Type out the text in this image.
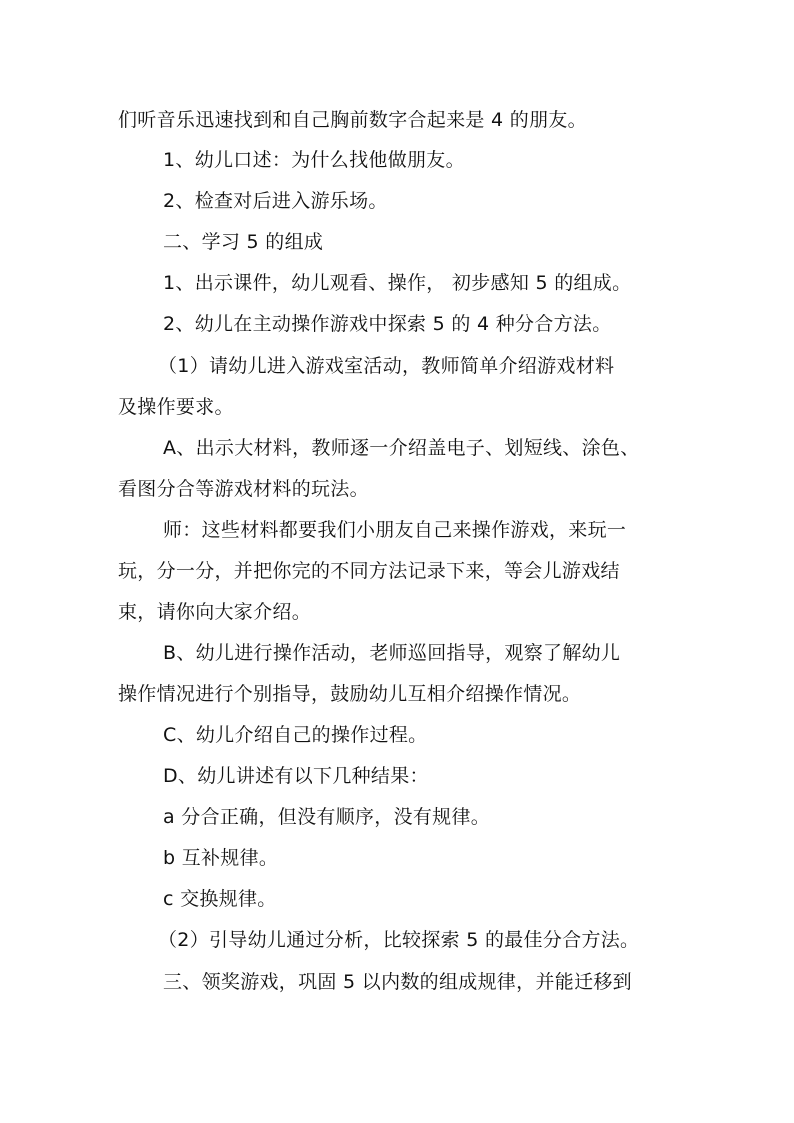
们听音乐迅速找到和自己胸前数字合起来是 4 的朋友。
1、幼儿口述：为什么找他做朋友。
2、检查对后进入游乐场。
二、学习 5 的组成
1、出示课件，幼儿观看、操作， 初步感知 5 的组成。
2、幼儿在主动操作游戏中探索 5 的 4 种分合方法。
（1）请幼儿进入游戏室活动，教师简单介绍游戏材料
及操作要求。
A、出示大材料，教师逐一介绍盖电子、划短线、涂色、
看图分合等游戏材料的玩法。
师：这些材料都要我们小朋友自己来操作游戏，来玩一
玩，分一分，并把你完的不同方法记录下来，等会儿游戏结
束，请你向大家介绍。
B、幼儿进行操作活动，老师巡回指导，观察了解幼儿
操作情况进行个别指导，鼓励幼儿互相介绍操作情况。
C、幼儿介绍自己的操作过程。
D、幼儿讲述有以下几种结果：
a 分合正确，但没有顺序，没有规律。
b 互补规律。
c 交换规律。
（2）引导幼儿通过分析，比较探索 5 的最佳分合方法。
三、领奖游戏，巩固 5 以内数的组成规律，并能迁移到
